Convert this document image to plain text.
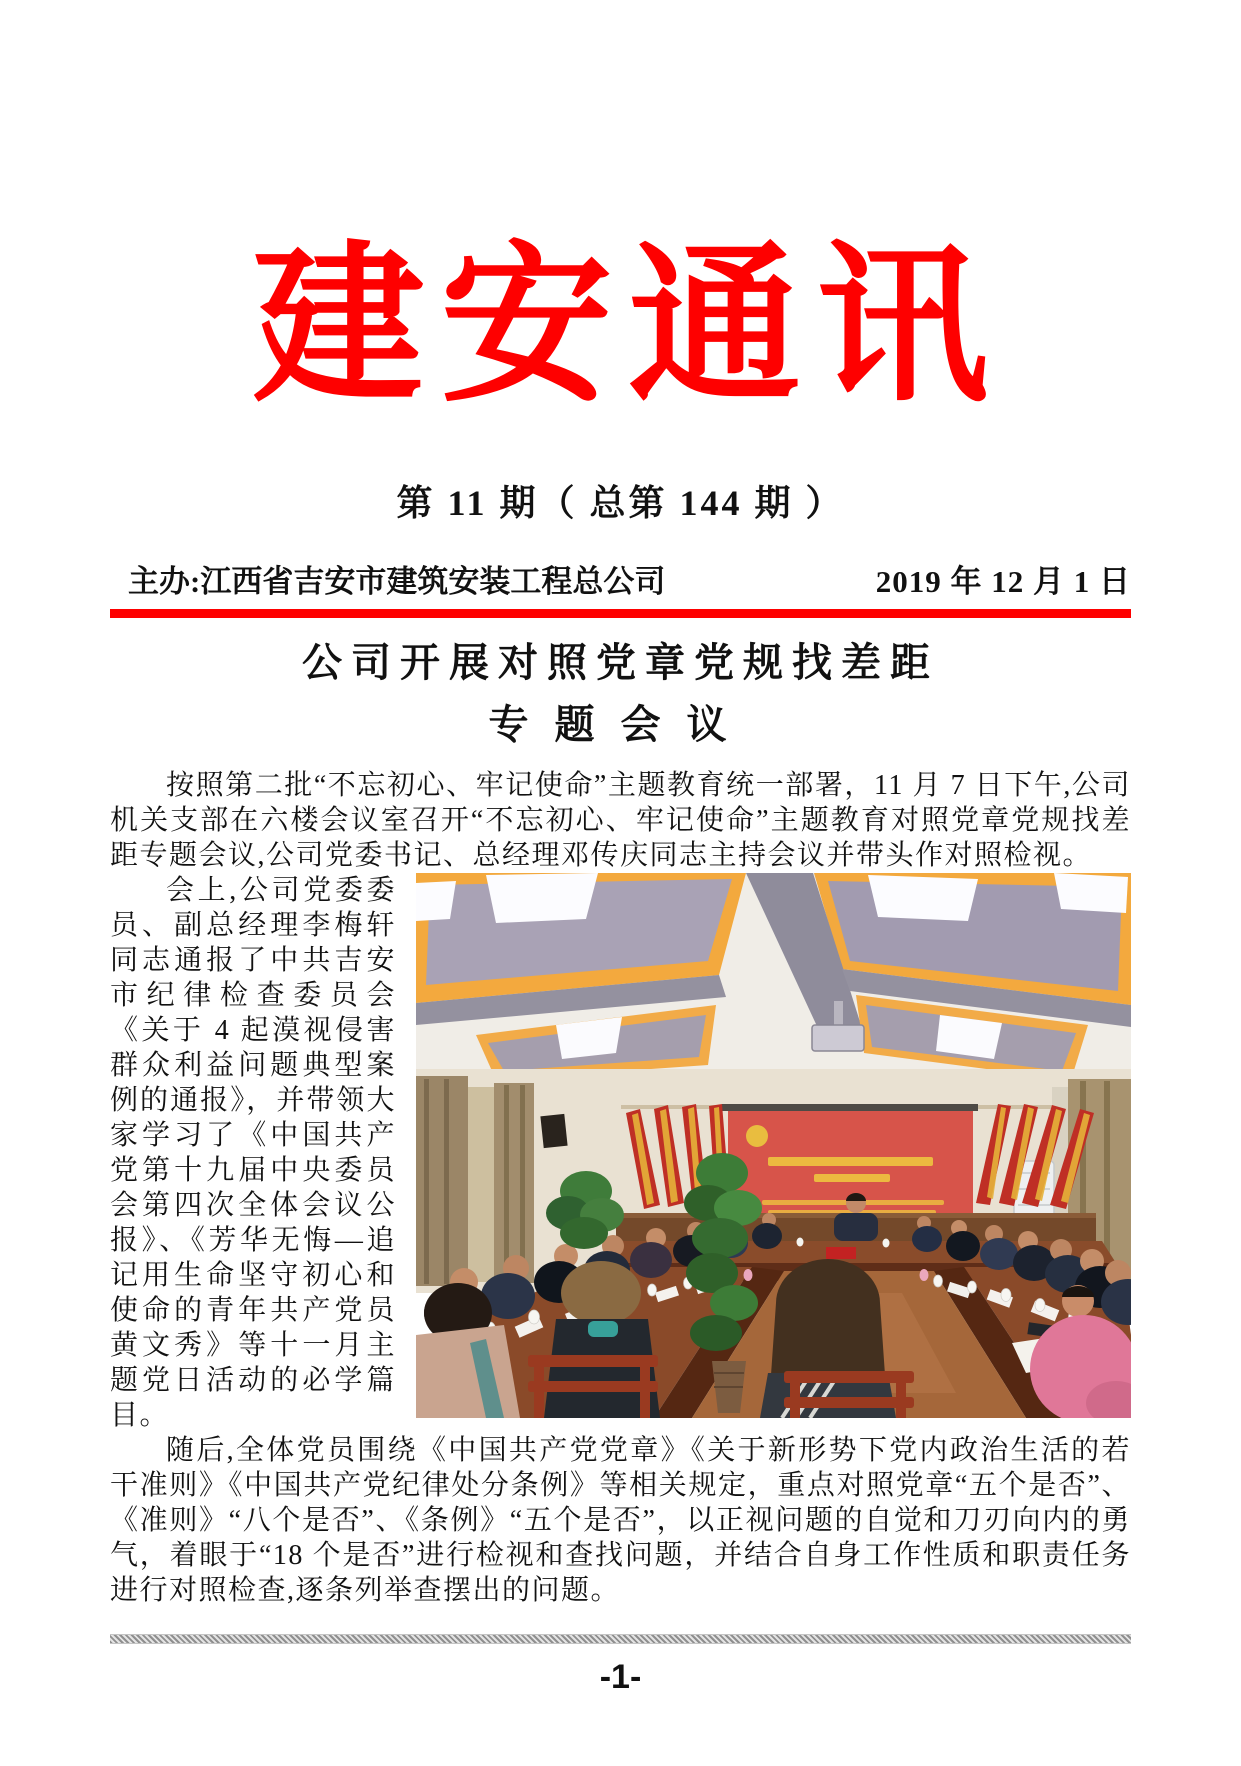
建安通讯
第 11 期（ 总第 144 期 ）
主办:江西省吉安市建筑安装工程总公司	2019 年 12 月 1 日
公司开展对照党章党规找差距
专题会议

按照第二批“不忘初心、牢记使命”主题教育统一部署，11 月 7 日下午,公司机关支部在六楼会议室召开“不忘初心、牢记使命”主题教育对照党章党规找差距专题会议,公司党委书记、总经理邓传庆同志主持会议并带头作对照检视。

会上,公司党委委员、副总经理李梅轩同志通报了中共吉安市纪律检查委员会《关于 4 起漠视侵害群众利益问题典型案例的通报》，并带领大家学习了《中国共产党第十九届中央委员会第四次全体会议公报》、《芳华无悔—追记用生命坚守初心和使命的青年共产党员黄文秀》等十一月主题党日活动的必学篇目。

随后,全体党员围绕《中国共产党党章》《关于新形势下党内政治生活的若干准则》《中国共产党纪律处分条例》等相关规定，重点对照党章“五个是否”、《准则》“八个是否”、《条例》“五个是否”，以正视问题的自觉和刀刃向内的勇气，着眼于“18 个是否”进行检视和查找问题，并结合自身工作性质和职责任务进行对照检查,逐条列举查摆出的问题。

-1-
